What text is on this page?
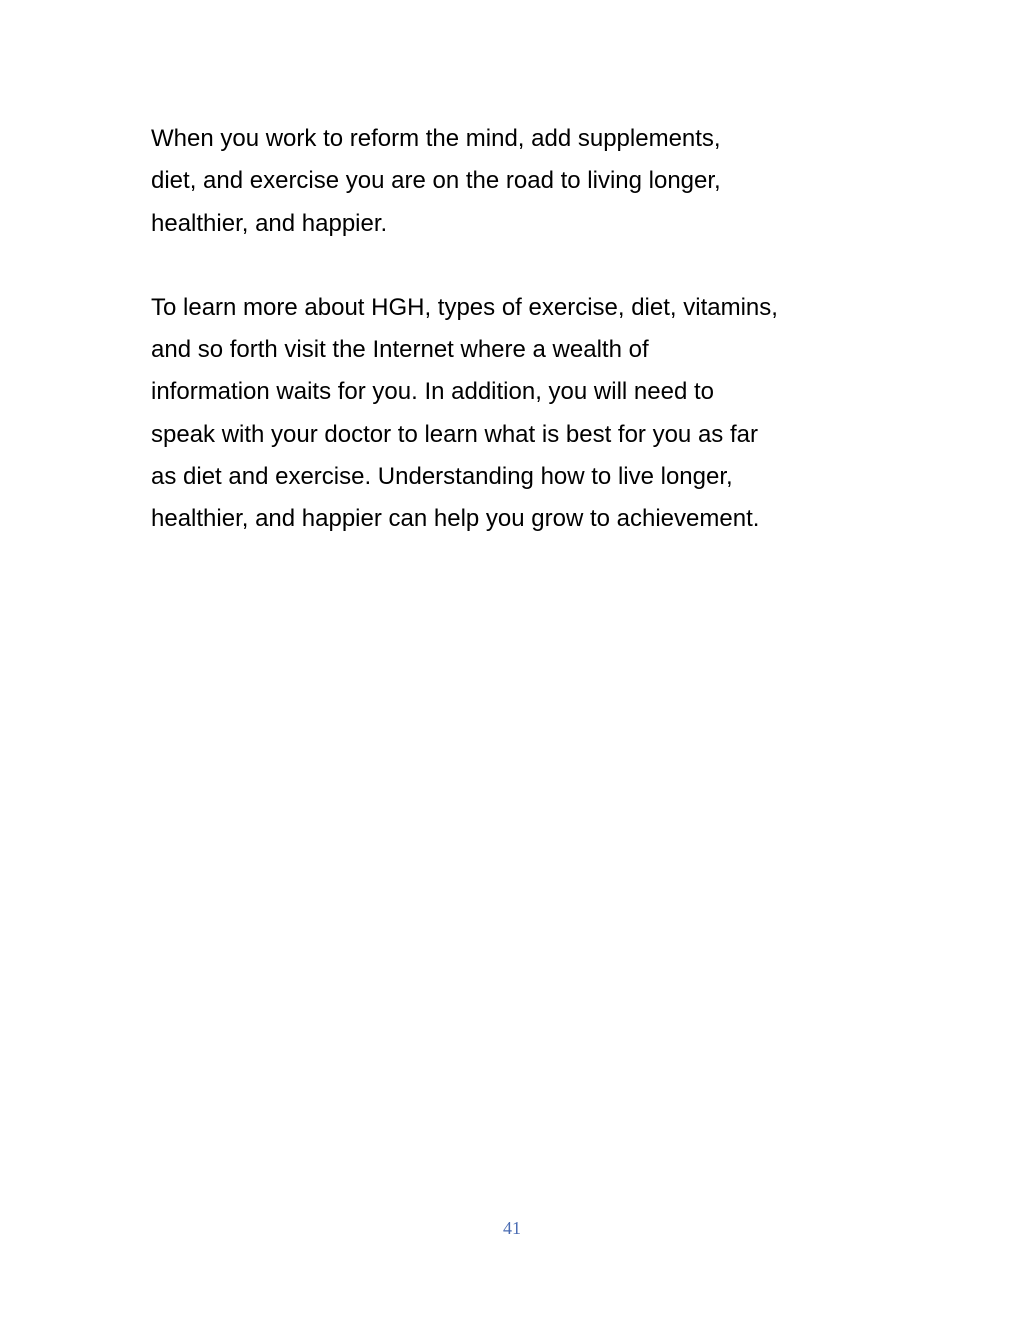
When you work to reform the mind, add supplements,
diet, and exercise you are on the road to living longer,
healthier, and happier.

To learn more about HGH, types of exercise, diet, vitamins,
and so forth visit the Internet where a wealth of
information waits for you. In addition, you will need to
speak with your doctor to learn what is best for you as far
as diet and exercise. Understanding how to live longer,
healthier, and happier can help you grow to achievement.

41
